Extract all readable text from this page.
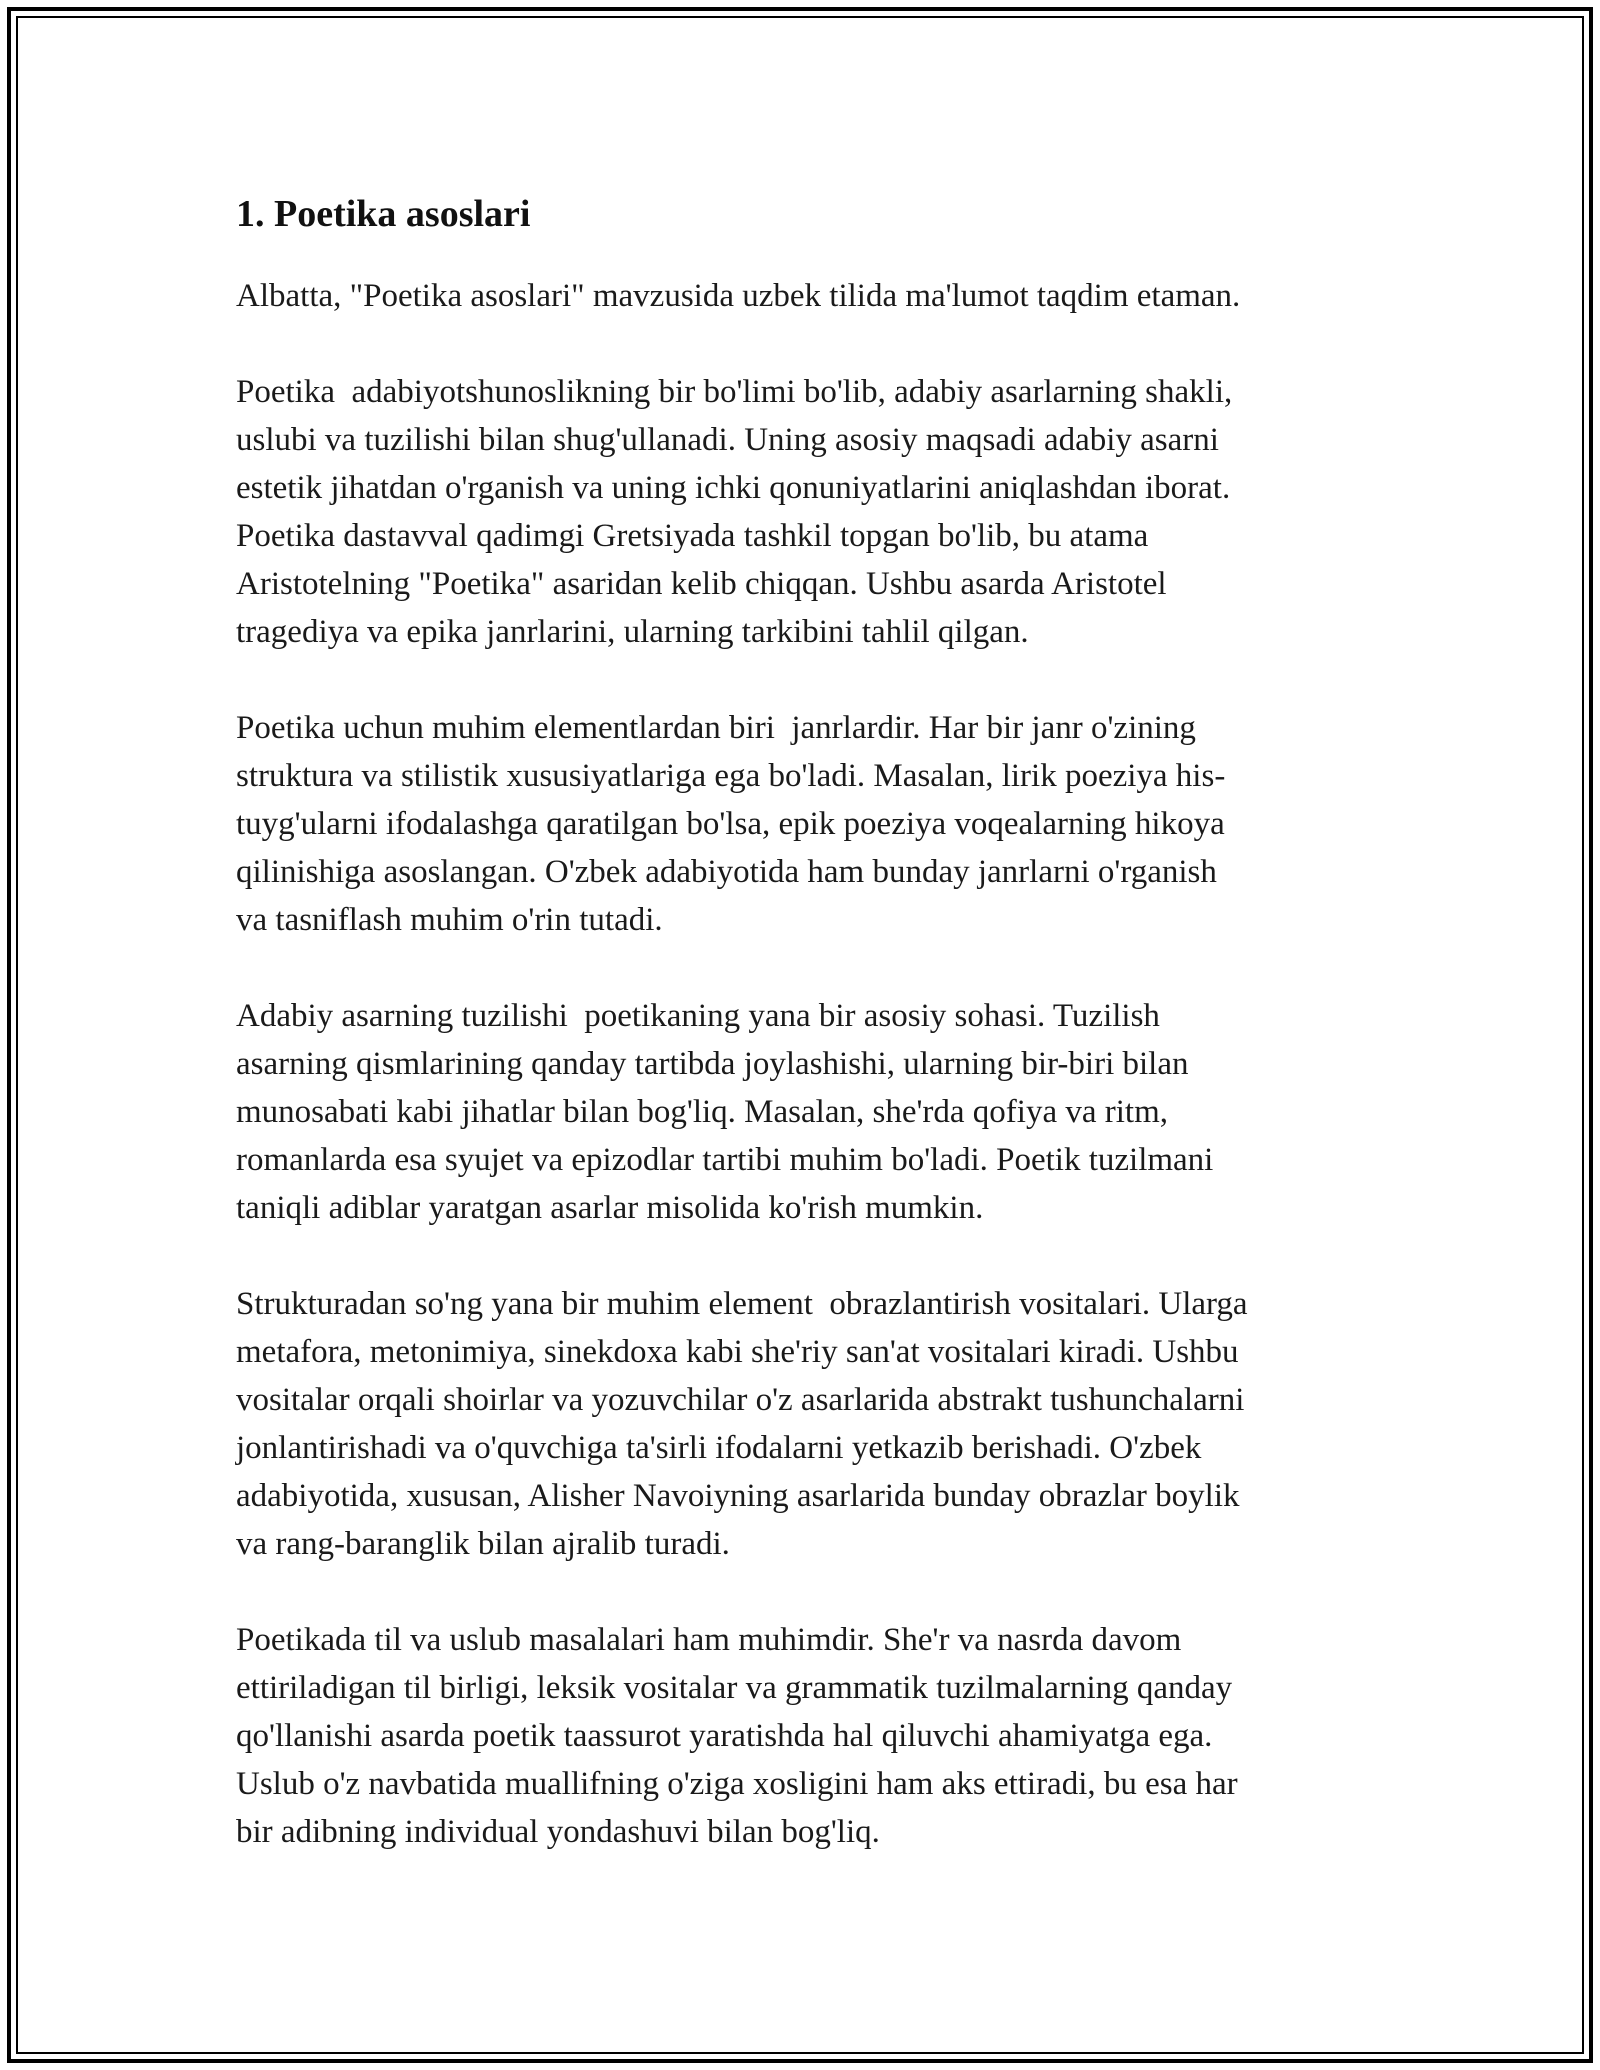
1. Poetika asoslari

Albatta, "Poetika asoslari" mavzusida uzbek tilida ma'lumot taqdim etaman.

Poetika  adabiyotshunoslikning bir bo'limi bo'lib, adabiy asarlarning shakli,
uslubi va tuzilishi bilan shug'ullanadi. Uning asosiy maqsadi adabiy asarni
estetik jihatdan o'rganish va uning ichki qonuniyatlarini aniqlashdan iborat.
Poetika dastavval qadimgi Gretsiyada tashkil topgan bo'lib, bu atama
Aristotelning "Poetika" asaridan kelib chiqqan. Ushbu asarda Aristotel
tragediya va epika janrlarini, ularning tarkibini tahlil qilgan.

Poetika uchun muhim elementlardan biri  janrlardir. Har bir janr o'zining
struktura va stilistik xususiyatlariga ega bo'ladi. Masalan, lirik poeziya his-
tuyg'ularni ifodalashga qaratilgan bo'lsa, epik poeziya voqealarning hikoya
qilinishiga asoslangan. O'zbek adabiyotida ham bunday janrlarni o'rganish
va tasniflash muhim o'rin tutadi.

Adabiy asarning tuzilishi  poetikaning yana bir asosiy sohasi. Tuzilish
asarning qismlarining qanday tartibda joylashishi, ularning bir-biri bilan
munosabati kabi jihatlar bilan bog'liq. Masalan, she'rda qofiya va ritm,
romanlarda esa syujet va epizodlar tartibi muhim bo'ladi. Poetik tuzilmani
taniqli adiblar yaratgan asarlar misolida ko'rish mumkin.

Strukturadan so'ng yana bir muhim element  obrazlantirish vositalari. Ularga
metafora, metonimiya, sinekdoxa kabi she'riy san'at vositalari kiradi. Ushbu
vositalar orqali shoirlar va yozuvchilar o'z asarlarida abstrakt tushunchalarni
jonlantirishadi va o'quvchiga ta'sirli ifodalarni yetkazib berishadi. O'zbek
adabiyotida, xususan, Alisher Navoiyning asarlarida bunday obrazlar boylik
va rang-baranglik bilan ajralib turadi.

Poetikada til va uslub masalalari ham muhimdir. She'r va nasrda davom
ettiriladigan til birligi, leksik vositalar va grammatik tuzilmalarning qanday
qo'llanishi asarda poetik taassurot yaratishda hal qiluvchi ahamiyatga ega.
Uslub o'z navbatida muallifning o'ziga xosligini ham aks ettiradi, bu esa har
bir adibning individual yondashuvi bilan bog'liq.
